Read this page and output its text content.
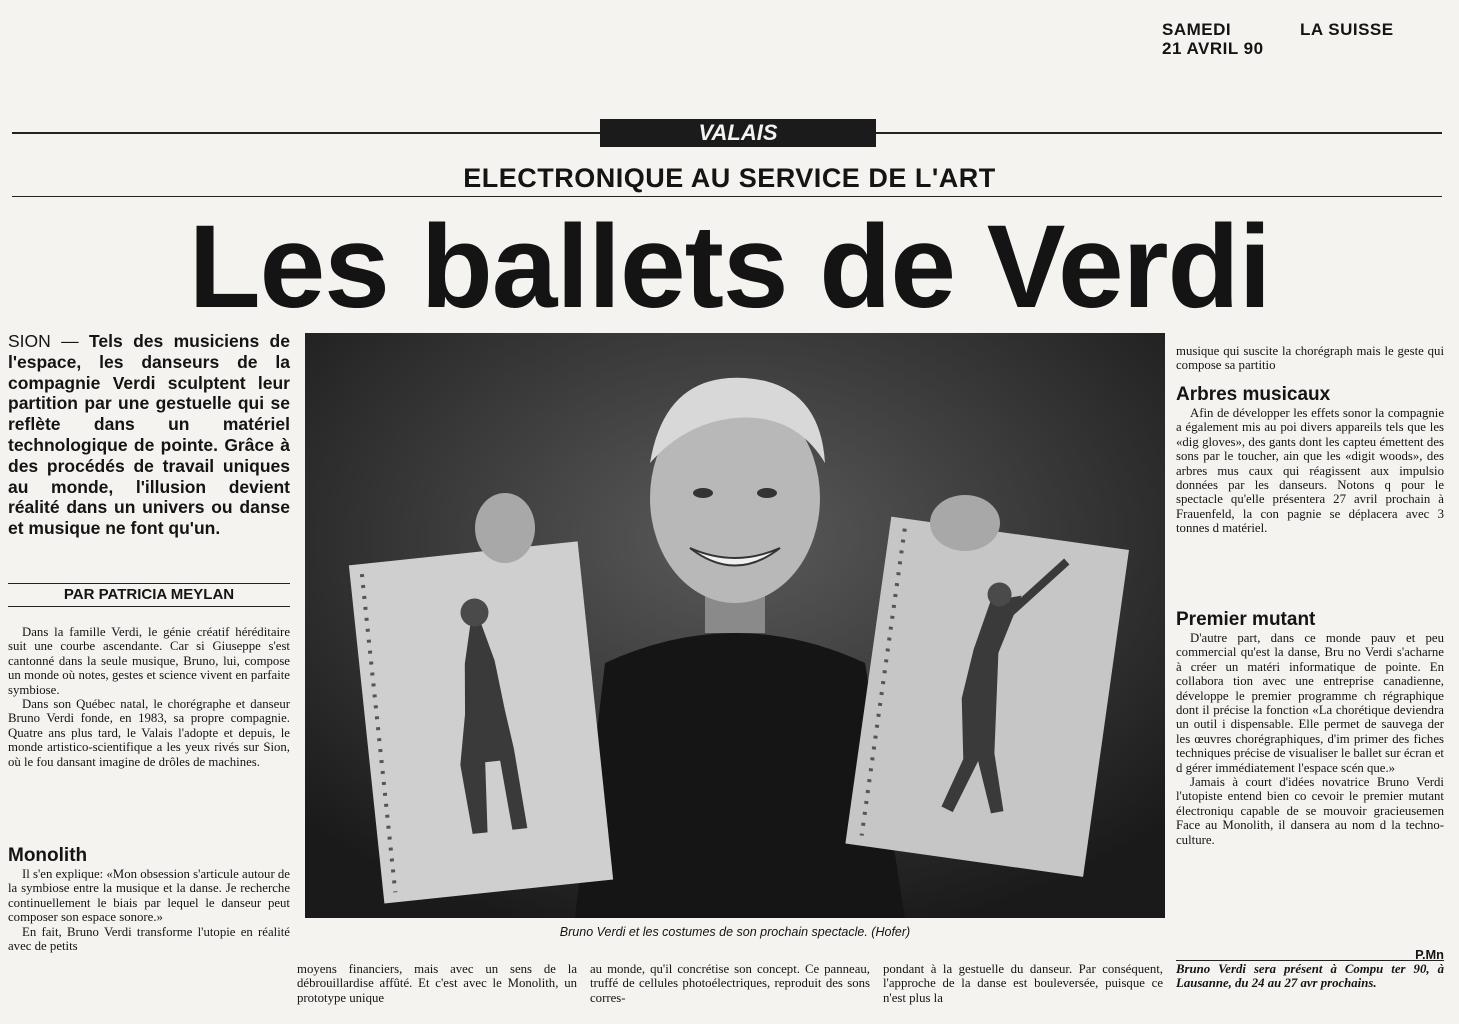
SAMEDI
21 AVRIL 90
LA SUISSE
VALAIS
ELECTRONIQUE AU SERVICE DE L'ART
Les ballets de Verdi
SION — Tels des musiciens de l'espace, les danseurs de la compagnie Verdi sculptent leur partition par une gestuelle qui se reflète dans un matériel technologique de pointe. Grâce à des procédés de travail uniques au monde, l'illusion devient réalité dans un univers ou danse et musique ne font qu'un.
PAR PATRICIA MEYLAN

Dans la famille Verdi, le génie créatif héréditaire suit une courbe ascendante. Car si Giuseppe s'est cantonné dans la seule musique, Bruno, lui, compose un monde où notes, gestes et science vivent en parfaite symbiose.

Dans son Québec natal, le chorégraphe et danseur Bruno Verdi fonde, en 1983, sa propre compagnie. Quatre ans plus tard, le Valais l'adopte et depuis, le monde artistico-scientifique a les yeux rivés sur Sion, où le fou dansant imagine de drôles de machines.

Monolith

Il s'en explique: «Mon obsession s'articule autour de la symbiose entre la musique et la danse. Je recherche continuellement le biais par lequel le danseur peut composer son espace sonore.»

En fait, Bruno Verdi transforme l'utopie en réalité avec de petits

Bruno Verdi et les costumes de son prochain spectacle. (Hofer)
moyens financiers, mais avec un sens de la débrouillardise affûté. Et c'est avec le Monolith, un prototype unique
au monde, qu'il concrétise son concept. Ce panneau, truffé de cellules photoélectriques, reproduit des sons corres-
pondant à la gestuelle du danseur. Par conséquent, l'approche de la danse est bouleversée, puisque ce n'est plus la
musique qui suscite la chorégraph mais le geste qui compose sa partitio
Arbres musicaux

Afin de développer les effets sonor la compagnie a également mis au poi divers appareils tels que les «dig gloves», des gants dont les capteu émettent des sons par le toucher, ain que les «digit woods», des arbres mus caux qui réagissent aux impulsio données par les danseurs. Notons q pour le spectacle qu'elle présentera 27 avril prochain à Frauenfeld, la con pagnie se déplacera avec 3 tonnes d matériel.

Premier mutant

D'autre part, dans ce monde pauv et peu commercial qu'est la danse, Bru no Verdi s'acharne à créer un matéri informatique de pointe. En collabora tion avec une entreprise canadienne, développe le premier programme ch régraphique dont il précise la fonction «La chorétique deviendra un outil i dispensable. Elle permet de sauvega der les œuvres chorégraphiques, d'im primer des fiches techniques précise de visualiser le ballet sur écran et d gérer immédiatement l'espace scén que.»

Jamais à court d'idées novatrice Bruno Verdi l'utopiste entend bien co cevoir le premier mutant électroniqu capable de se mouvoir gracieusemen Face au Monolith, il dansera au nom d la techno-culture.

P.Mn
Bruno Verdi sera présent à Compu ter 90, à Lausanne, du 24 au 27 avr prochains.
